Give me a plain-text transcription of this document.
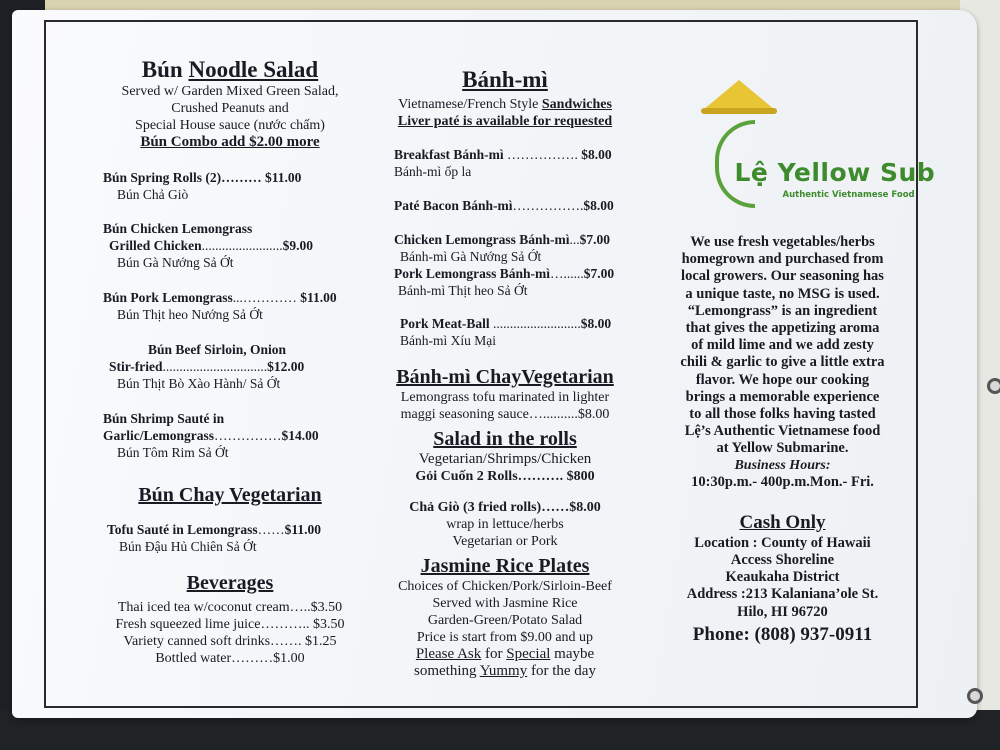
Bún Noodle Salad
Served w/ Garden Mixed Green Salad,
Crushed Peanuts and
Special House sauce (nước chấm)
Bún Combo add $2.00 more
Bún Spring Rolls (2)……… $11.00
Bún Chả Giò
Bún Chicken Lemongrass
Grilled Chicken........................$9.00
Bún Gà Nướng Sả Ớt
Bún Pork Lemongrass...………… $11.00
Bún Thịt heo Nướng Sả Ớt
Bún Beef Sirloin, Onion
Stir-fried...............................$12.00
Bún Thịt Bò Xào Hành/ Sả Ớt
Bún Shrimp Sauté in
Garlic/Lemongrass……………$14.00
Bún Tôm Rim Sả Ớt
Bún Chay Vegetarian
Tofu Sauté in Lemongrass……$11.00
Bún Đậu Hủ Chiên Sả Ớt
Beverages
Thai iced tea w/coconut cream…..$3.50
Fresh squeezed lime juice……….. $3.50
Variety canned soft drinks……. $1.25
Bottled water………$1.00
Bánh-mì
Vietnamese/French Style Sandwiches
Liver paté is available for requested
Breakfast Bánh-mì ……………. $8.00
Bánh-mì ốp la
Paté Bacon Bánh-mì…………….$8.00
Chicken Lemongrass Bánh-mì...$7.00
Bánh-mì Gà Nướng Sả Ớt
Pork Lemongrass Bánh-mì…......$7.00
Bánh-mì Thịt heo Sả Ớt
Pork Meat-Ball ..........................$8.00
Bánh-mì Xíu Mại
Bánh-mì ChayVegetarian
Lemongrass tofu marinated in lighter
maggi seasoning sauce…..........$8.00
Salad in the rolls
Vegetarian/Shrimps/Chicken
Gỏi Cuốn 2 Rolls………. $800
Chả Giò (3 fried rolls)……$8.00
wrap in lettuce/herbs
Vegetarian or Pork
Jasmine Rice Plates
Choices of Chicken/Pork/Sirloin-Beef
Served with Jasmine Rice
Garden-Green/Potato Salad
Price is start from $9.00 and up
Please Ask for Special maybe
something Yummy for the day
Lệ Yellow Sub
Authentic Vietnamese Food
We use fresh vegetables/herbs
homegrown and purchased from
local growers. Our seasoning has
a unique taste, no MSG is used.
“Lemongrass” is an ingredient
that gives the appetizing aroma
of mild lime and we add zesty
chili & garlic to give a little extra
flavor. We hope our cooking
brings a memorable experience
to all those folks having tasted
Lệ’s Authentic Vietnamese food
at Yellow Submarine.
Business Hours:
10:30p.m.- 400p.m.Mon.- Fri.
Cash Only
Location : County of Hawaii
Access Shoreline
Keaukaha District
Address :213 Kalaniana’ole St.
Hilo, HI 96720
Phone: (808) 937-0911
